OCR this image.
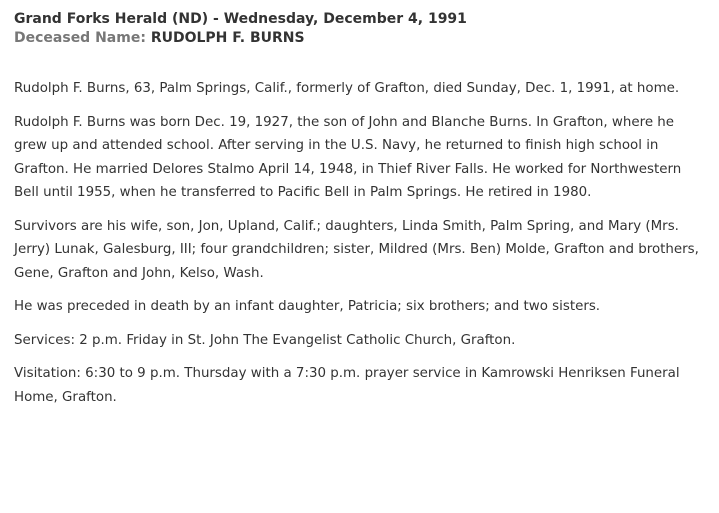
Grand Forks Herald (ND) - Wednesday, December 4, 1991
Deceased Name: RUDOLPH F. BURNS

Rudolph F. Burns, 63, Palm Springs, Calif., formerly of Grafton, died Sunday, Dec. 1, 1991, at home.

Rudolph F. Burns was born Dec. 19, 1927, the son of John and Blanche Burns. In Grafton, where he grew up and attended school. After serving in the U.S. Navy, he returned to finish high school in Grafton. He married Delores Stalmo April 14, 1948, in Thief River Falls. He worked for Northwestern Bell until 1955, when he transferred to Pacific Bell in Palm Springs. He retired in 1980.

Survivors are his wife, son, Jon, Upland, Calif.; daughters, Linda Smith, Palm Spring, and Mary (Mrs. Jerry) Lunak, Galesburg, III; four grandchildren; sister, Mildred (Mrs. Ben) Molde, Grafton and brothers, Gene, Grafton and John, Kelso, Wash.

He was preceded in death by an infant daughter, Patricia; six brothers; and two sisters.

Services: 2 p.m. Friday in St. John The Evangelist Catholic Church, Grafton.

Visitation: 6:30 to 9 p.m. Thursday with a 7:30 p.m. prayer service in Kamrowski Henriksen Funeral Home, Grafton.
